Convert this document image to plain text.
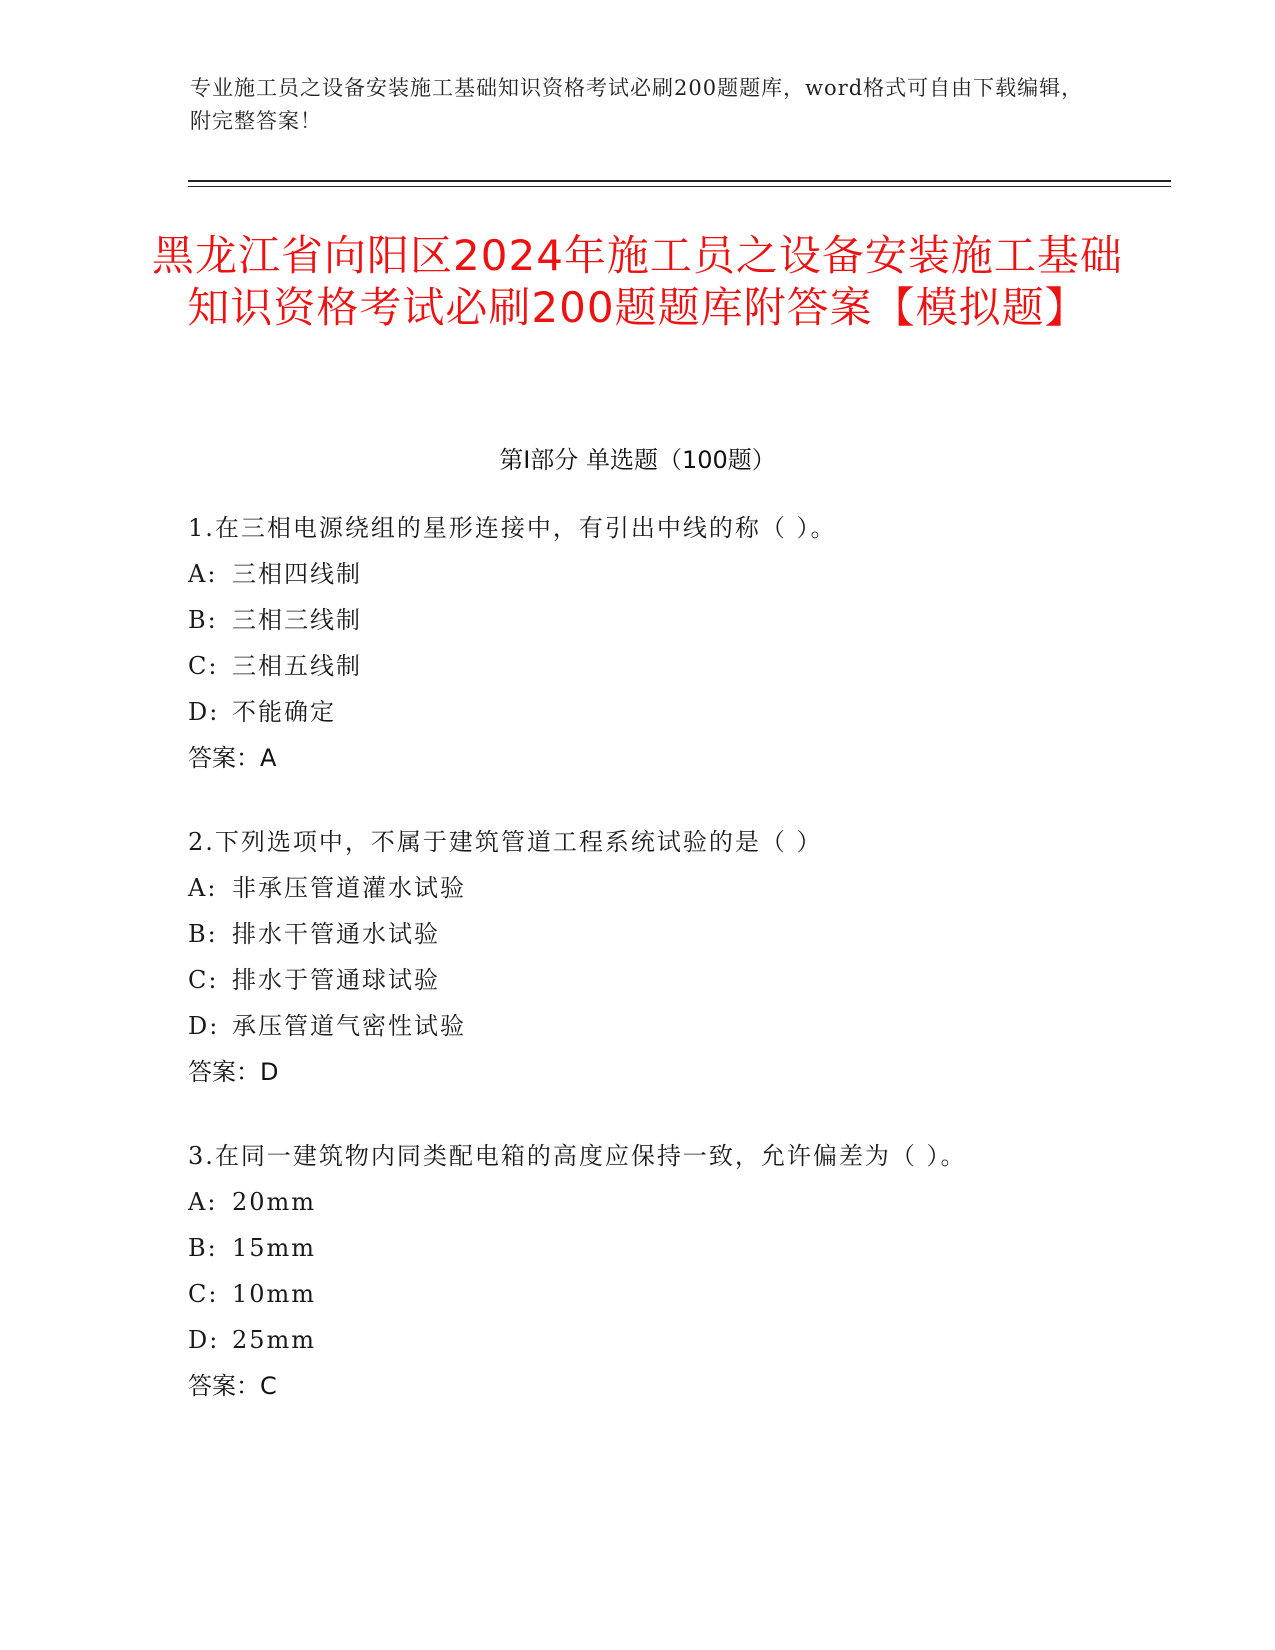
专业施工员之设备安装施工基础知识资格考试必刷200题题库，word格式可自由下载编辑，附完整答案！
黑龙江省向阳区2024年施工员之设备安装施工基础知识资格考试必刷200题题库附答案【模拟题】
第Ⅰ部分 单选题（100题）
1.在三相电源绕组的星形连接中，有引出中线的称（ ）。
A: 三相四线制
B: 三相三线制
C: 三相五线制
D: 不能确定
答案：A
2.下列选项中，不属于建筑管道工程系统试验的是（ ）
A: 非承压管道灌水试验
B: 排水干管通水试验
C: 排水于管通球试验
D: 承压管道气密性试验
答案：D
3.在同一建筑物内同类配电箱的高度应保持一致，允许偏差为（ ）。
A: 20mm
B: 15mm
C: 10mm
D: 25mm
答案：C
